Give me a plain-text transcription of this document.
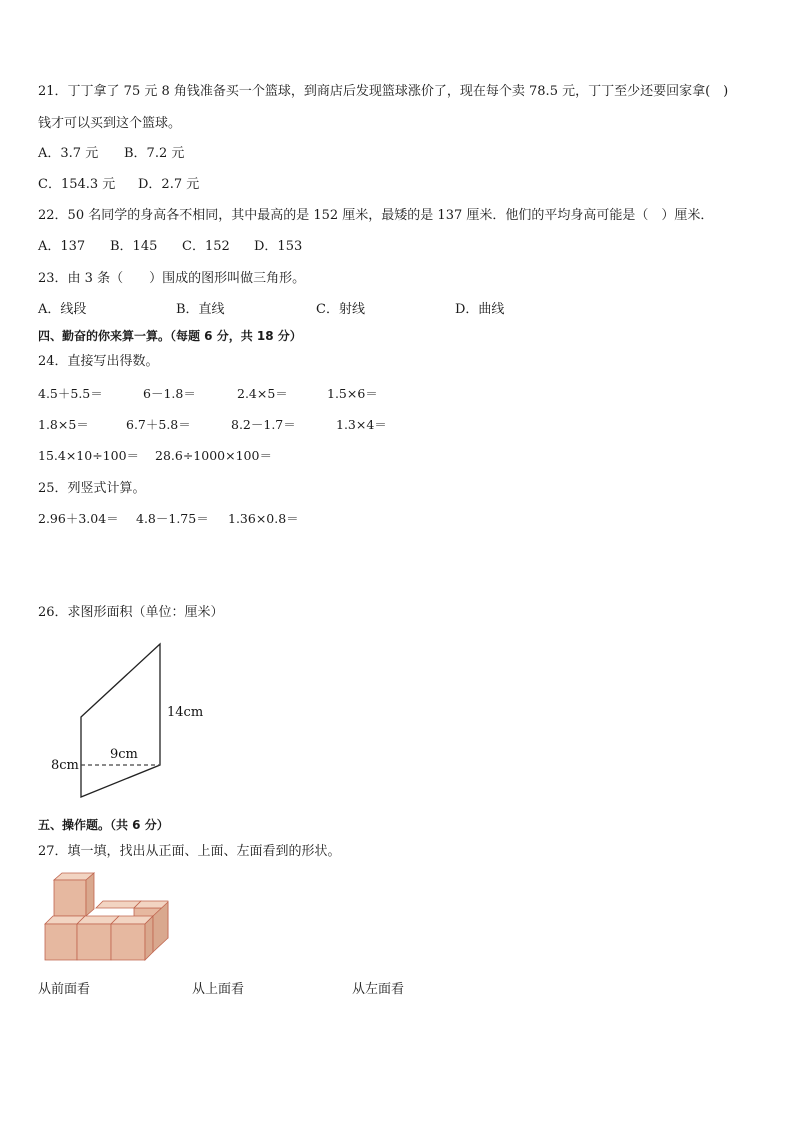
21．丁丁拿了 75 元 8 角钱准备买一个篮球，到商店后发现篮球涨价了，现在每个卖 78.5 元，丁丁至少还要回家拿(　)
钱才可以买到这个篮球。
A．3.7 元 B．7.2 元
C．154.3 元 D．2.7 元
22．50 名同学的身高各不相同，其中最高的是 152 厘米，最矮的是 137 厘米．他们的平均身高可能是（　）厘米．
A．137 B．145 C．152 D．153
23．由 3 条（　　）围成的图形叫做三角形。
A．线段	B．直线	C．射线	D．曲线
四、勤奋的你来算一算。（每题 6 分，共 18 分）
24．直接写出得数。
4.5＋5.5＝	6－1.8＝	2.4×5＝	1.5×6＝
1.8×5＝	6.7＋5.8＝	8.2－1.7＝	1.3×4＝
15.4×10÷100＝ 28.6÷1000×100＝
25．列竖式计算。
2.96＋3.04＝ 4.8－1.75＝ 1.36×0.8＝
26．求图形面积（单位：厘米）
14cm
9cm
8cm
五、操作题。（共 6 分）
27．填一填，找出从正面、上面、左面看到的形状。
从前面看	从上面看	从左面看
